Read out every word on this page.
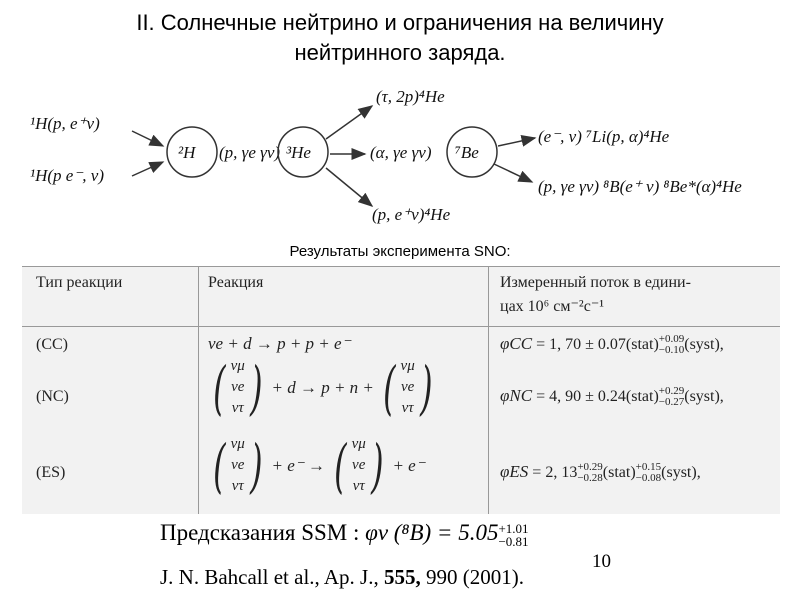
II. Солнечные нейтрино и ограничения на величину
нейтринного заряда.
¹H(p, e⁺ν)
¹H(p e⁻, ν)
²H (p, γe γν) ³He
(τ, 2p)⁴He
(α, γe γν)
(p, e⁺ν)⁴He
⁷Be
(e⁻, ν) ⁷Li(p, α)⁴He
(p, γe γν) ⁸B(e⁺ ν) ⁸Be*(α)⁴He
Результаты эксперимента SNO:
Тип реакции	Реакция	Измеренный поток в едини-
цах 10⁶ см⁻²с⁻¹
(CC)	νe + d → p + p + e⁻	φCC = 1, 70 ± 0.07(stat) +0.09
−0.10 (syst),
(NC) ( νμ
νe
ντ ) + d → p + n + ( νμ
νe
ντ )	φNC = 4, 90 ± 0.24(stat) +0.29
−0.27 (syst),
(ES)	( νμ
νe
ντ ) + e⁻ → ( νμ
νe
ντ ) + e⁻	φES = 2, 13 +0.29
−0.28 (stat) +0.15
−0.08 (syst),
Предсказания SSM : φν (⁸B) = 5.05 +1.01
−0.81
10
J. N. Bahcall et al., Ap. J., 555, 990 (2001).
